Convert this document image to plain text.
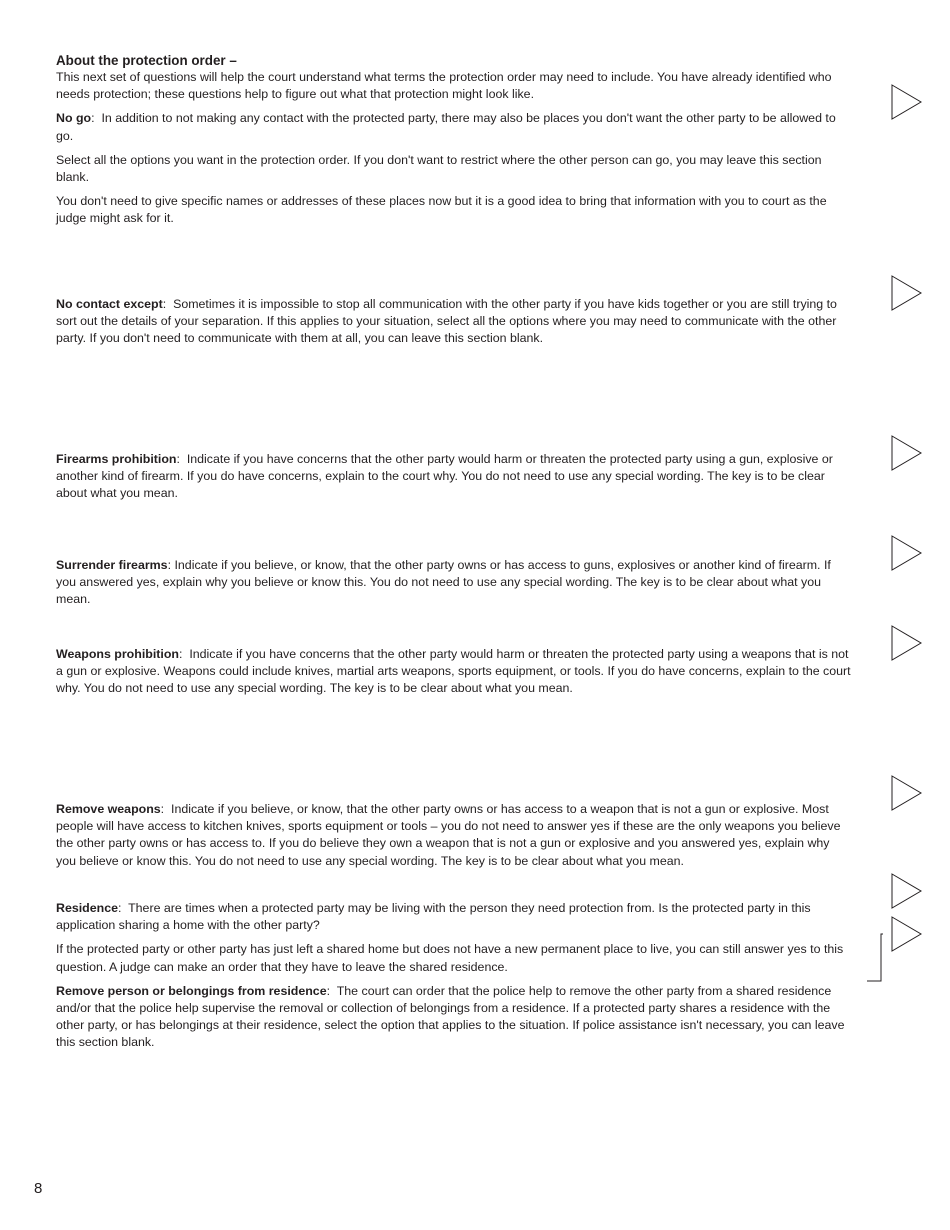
About the protection order –

This next set of questions will help the court understand what terms the protection order may need to include. You have already identified who needs protection; these questions help to figure out what that protection might look like.

No go:  In addition to not making any contact with the protected party, there may also be places you don't want the other party to be allowed to go.

Select all the options you want in the protection order. If you don't want to restrict where the other person can go, you may leave this section blank.

You don't need to give specific names or addresses of these places now but it is a good idea to bring that information with you to court as the judge might ask for it.

No contact except:  Sometimes it is impossible to stop all communication with the other party if you have kids together or you are still trying to sort out the details of your separation. If this applies to your situation, select all the options where you may need to communicate with the other party. If you don't need to communicate with them at all, you can leave this section blank.

Firearms prohibition:  Indicate if you have concerns that the other party would harm or threaten the protected party using a gun, explosive or another kind of firearm. If you do have concerns, explain to the court why. You do not need to use any special wording. The key is to be clear about what you mean.

Surrender firearms: Indicate if you believe, or know, that the other party owns or has access to guns, explosives or another kind of firearm. If you answered yes, explain why you believe or know this. You do not need to use any special wording. The key is to be clear about what you mean.

Weapons prohibition:  Indicate if you have concerns that the other party would harm or threaten the protected party using a weapons that is not a gun or explosive. Weapons could include knives, martial arts weapons, sports equipment, or tools. If you do have concerns, explain to the court why. You do not need to use any special wording. The key is to be clear about what you mean.

Remove weapons:  Indicate if you believe, or know, that the other party owns or has access to a weapon that is not a gun or explosive. Most people will have access to kitchen knives, sports equipment or tools – you do not need to answer yes if these are the only weapons you believe the other party owns or has access to. If you do believe they own a weapon that is not a gun or explosive and you answered yes, explain why you believe or know this. You do not need to use any special wording. The key is to be clear about what you mean.

Residence:  There are times when a protected party may be living with the person they need protection from. Is the protected party in this application sharing a home with the other party?

If the protected party or other party has just left a shared home but does not have a new permanent place to live, you can still answer yes to this question. A judge can make an order that they have to leave the shared residence.

Remove person or belongings from residence:  The court can order that the police help to remove the other party from a shared residence and/or that the police help supervise the removal or collection of belongings from a residence. If a protected party shares a residence with the other party, or has belongings at their residence, select the option that applies to the situation. If police assistance isn't necessary, you can leave this section blank.

8
